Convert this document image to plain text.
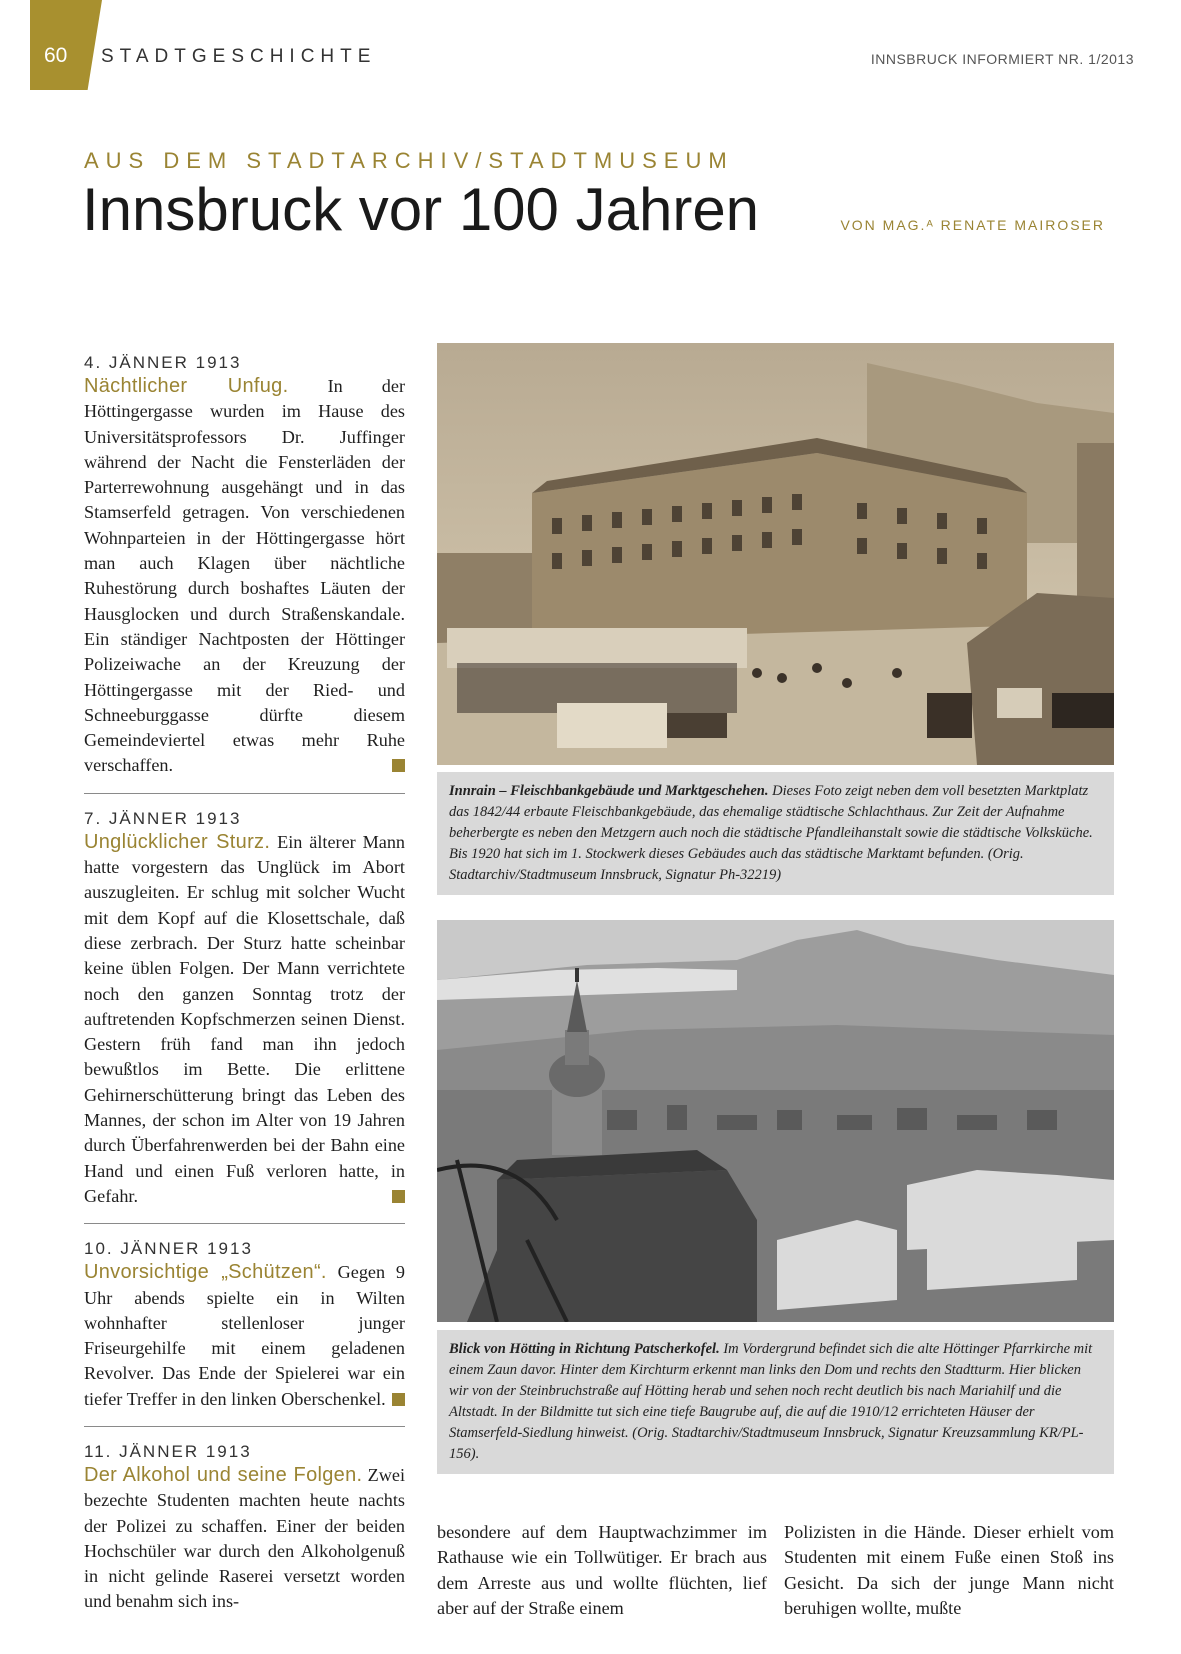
60 STADTGESCHICHTE	INNSBRUCK INFORMIERT NR. 1/2013
AUS DEM STADTARCHIV/STADTMUSEUM
Innsbruck vor 100 Jahren	VON MAG.ᴬ RENATE MAIROSER
4. JÄNNER 1913
Nächtlicher Unfug. In der Höttingergasse wurden im Hause des Universitätsprofessors Dr. Juffinger während der Nacht die Fensterläden der Parterrewohnung ausgehängt und in das Stamserfeld getragen. Von verschiedenen Wohnparteien in der Höttingergasse hört man auch Klagen über nächtliche Ruhestörung durch boshaftes Läuten der Hausglocken und durch Straßenskandale. Ein ständiger Nachtposten der Höttinger Polizeiwache an der Kreuzung der Höttingergasse mit der Ried- und Schneeburggasse dürfte diesem Gemeindeviertel etwas mehr Ruhe verschaffen.
7. JÄNNER 1913
Unglücklicher Sturz. Ein älterer Mann hatte vorgestern das Unglück im Abort auszugleiten. Er schlug mit solcher Wucht mit dem Kopf auf die Klosettschale, daß diese zerbrach. Der Sturz hatte scheinbar keine üblen Folgen. Der Mann verrichtete noch den ganzen Sonntag trotz der auftretenden Kopfschmerzen seinen Dienst. Gestern früh fand man ihn jedoch bewußtlos im Bette. Die erlittene Gehirnerschütterung bringt das Leben des Mannes, der schon im Alter von 19 Jahren durch Überfahrenwerden bei der Bahn eine Hand und einen Fuß verloren hatte, in Gefahr.
10. JÄNNER 1913
Unvorsichtige „Schützen“. Gegen 9 Uhr abends spielte ein in Wilten wohnhafter stellenloser junger Friseurgehilfe mit einem geladenen Revolver. Das Ende der Spielerei war ein tiefer Treffer in den linken Oberschenkel.
11. JÄNNER 1913
Der Alkohol und seine Folgen. Zwei bezechte Studenten machten heute nachts der Polizei zu schaffen. Einer der beiden Hochschüler war durch den Alkoholgenuß in nicht gelinde Raserei versetzt worden und benahm sich ins-
Innrain – Fleischbankgebäude und Marktgeschehen. Dieses Foto zeigt neben dem voll besetzten Marktplatz das 1842/44 erbaute Fleischbankgebäude, das ehemalige städtische Schlachthaus. Zur Zeit der Aufnahme beherbergte es neben den Metzgern auch noch die städtische Pfandleihanstalt sowie die städtische Volksküche. Bis 1920 hat sich im 1. Stockwerk dieses Gebäudes auch das städtische Marktamt befunden. (Orig. Stadtarchiv/Stadtmuseum Innsbruck, Signatur Ph-32219)
Blick von Hötting in Richtung Patscherkofel. Im Vordergrund befindet sich die alte Höttinger Pfarrkirche mit einem Zaun davor. Hinter dem Kirchturm erkennt man links den Dom und rechts den Stadtturm. Hier blicken wir von der Steinbruchstraße auf Hötting herab und sehen noch recht deutlich bis nach Mariahilf und die Altstadt. In der Bildmitte tut sich eine tiefe Baugrube auf, die auf die 1910/12 errichteten Häuser der Stamserfeld-Siedlung hinweist. (Orig. Stadtarchiv/Stadtmuseum Innsbruck, Signatur Kreuzsammlung KR/PL-156).
besondere auf dem Hauptwachzimmer im Rathause wie ein Tollwütiger. Er brach aus dem Arreste aus und wollte flüchten, lief aber auf der Straße einem
Polizisten in die Hände. Dieser erhielt vom Studenten mit einem Fuße einen Stoß ins Gesicht. Da sich der junge Mann nicht beruhigen wollte, mußte
